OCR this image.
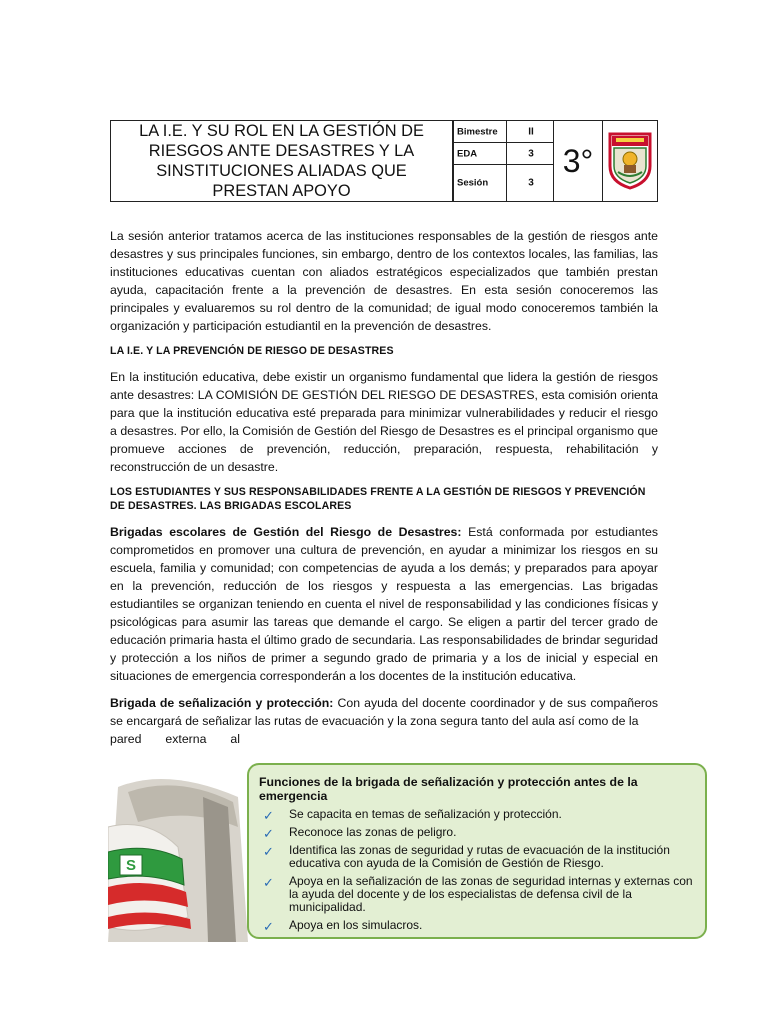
LA I.E. Y SU ROL EN LA GESTIÓN DE RIESGOS ANTE DESASTRES Y LA SINSTITUCIONES ALIADAS QUE PRESTAN APOYO
Bimestre	II
EDA	3
Sesión	3
3°

La sesión anterior tratamos acerca de las instituciones responsables de la gestión de riesgos ante desastres y sus principales funciones, sin embargo, dentro de los contextos locales, las familias, las instituciones educativas cuentan con aliados estratégicos especializados que también prestan ayuda, capacitación frente a la prevención de desastres. En esta sesión conoceremos las principales y evaluaremos su rol dentro de la comunidad; de igual modo conoceremos también la organización y participación estudiantil en la prevención de desastres.

LA I.E. Y LA PREVENCIÓN DE RIESGO DE DESASTRES

En la institución educativa, debe existir un organismo fundamental que lidera la gestión de riesgos ante desastres: LA COMISIÓN DE GESTIÓN DEL RIESGO DE DESASTRES, esta comisión orienta para que la institución educativa esté preparada para minimizar vulnerabilidades y reducir el riesgo a desastres. Por ello, la Comisión de Gestión del Riesgo de Desastres es el principal organismo que promueve acciones de prevención, reducción, preparación, respuesta, rehabilitación y reconstrucción de un desastre.

LOS ESTUDIANTES Y SUS RESPONSABILIDADES FRENTE A LA GESTIÓN DE RIESGOS Y PREVENCIÓN DE DESASTRES. LAS BRIGADAS ESCOLARES

Brigadas escolares de Gestión del Riesgo de Desastres: Está conformada por estudiantes comprometidos en promover una cultura de prevención, en ayudar a minimizar los riesgos en su escuela, familia y comunidad; con competencias de ayuda a los demás; y preparados para apoyar en la prevención, reducción de los riesgos y respuesta a las emergencias. Las brigadas estudiantiles se organizan teniendo en cuenta el nivel de responsabilidad y las condiciones físicas y psicológicas para asumir las tareas que demande el cargo. Se eligen a partir del tercer grado de educación primaria hasta el último grado de secundaria. Las responsabilidades de brindar seguridad y protección a los niños de primer a segundo grado de primaria y a los de inicial y especial en situaciones de emergencia corresponderán a los docentes de la institución educativa.

Brigada de señalización y protección: Con ayuda del docente coordinador y de sus compañeros se encargará de señalizar las rutas de evacuación y la zona segura tanto del aula así como de la

pared externa al
S
Funciones de la brigada de señalización y protección antes de la emergencia
✓ Se capacita en temas de señalización y protección.
✓ Reconoce las zonas de peligro.
✓ Identifica las zonas de seguridad y rutas de evacuación de la institución educativa con ayuda de la Comisión de Gestión de Riesgo.
✓ Apoya en la señalización de las zonas de seguridad internas y externas con la ayuda del docente y de los especialistas de defensa civil de la municipalidad.
✓ Apoya en los simulacros.
